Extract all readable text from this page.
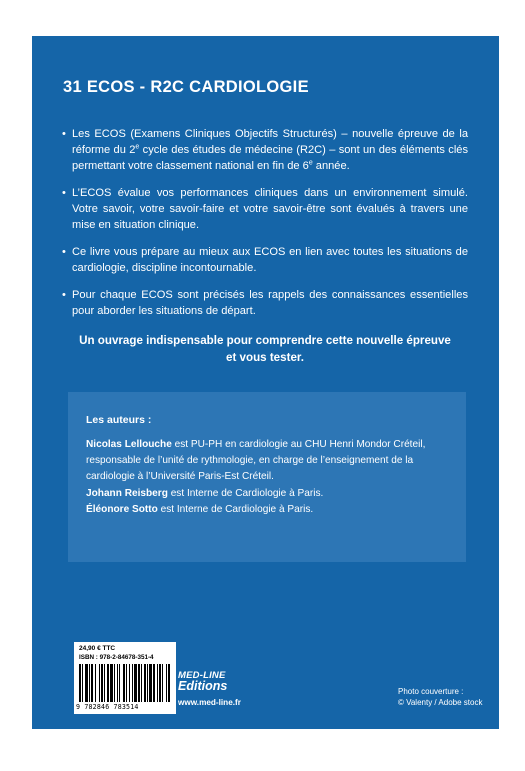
31 ECOS - R2C CARDIOLOGIE
• Les ECOS (Examens Cliniques Objectifs Structurés) – nouvelle épreuve de la réforme du 2e cycle des études de médecine (R2C) – sont un des éléments clés permettant votre classement national en fin de 6e année.
• L’ECOS évalue vos performances cliniques dans un environnement simulé. Votre savoir, votre savoir-faire et votre savoir-être sont évalués à travers une mise en situation clinique.
• Ce livre vous prépare au mieux aux ECOS en lien avec toutes les situations de cardiologie, discipline incontournable.
• Pour chaque ECOS sont précisés les rappels des connaissances essentielles pour aborder les situations de départ.
Un ouvrage indispensable pour comprendre cette nouvelle épreuve
et vous tester.
Les auteurs :

Nicolas Lellouche est PU-PH en cardiologie au CHU Henri Mondor Créteil, responsable de l’unité de rythmologie, en charge de l’enseignement de la cardiologie à l’Université Paris-Est Créteil.

Johann Reisberg est Interne de Cardiologie à Paris.

Éléonore Sotto est Interne de Cardiologie à Paris.

24,90 € TTC
ISBN : 978-2-84678-351-4
9 782846 783514
MED-LINE
Editions
www.med-line.fr
Photo couverture :
© Valenty / Adobe stock
